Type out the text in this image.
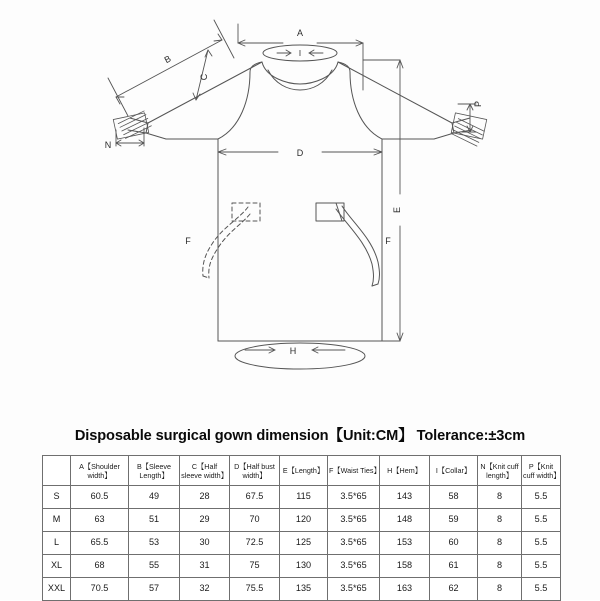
A
I
B
C
D
E
F	F
H
N
P
Disposable surgical gown dimension【Unit:CM】 Tolerance:±3cm
	A【Shoulder width】	B【Sleeve Length】	C【Half sleeve width】	D【Half bust width】	E【Length】	F【Waist Ties】	H【Hem】	I【Collar】	N【Knit cuff length】	P【Knit cuff width】
S	60.5	49	28	67.5	115	3.5*65	143	58	8	5.5
M	63	51	29	70	120	3.5*65	148	59	8	5.5
L	65.5	53	30	72.5	125	3.5*65	153	60	8	5.5
XL	68	55	31	75	130	3.5*65	158	61	8	5.5
XXL	70.5	57	32	75.5	135	3.5*65	163	62	8	5.5
